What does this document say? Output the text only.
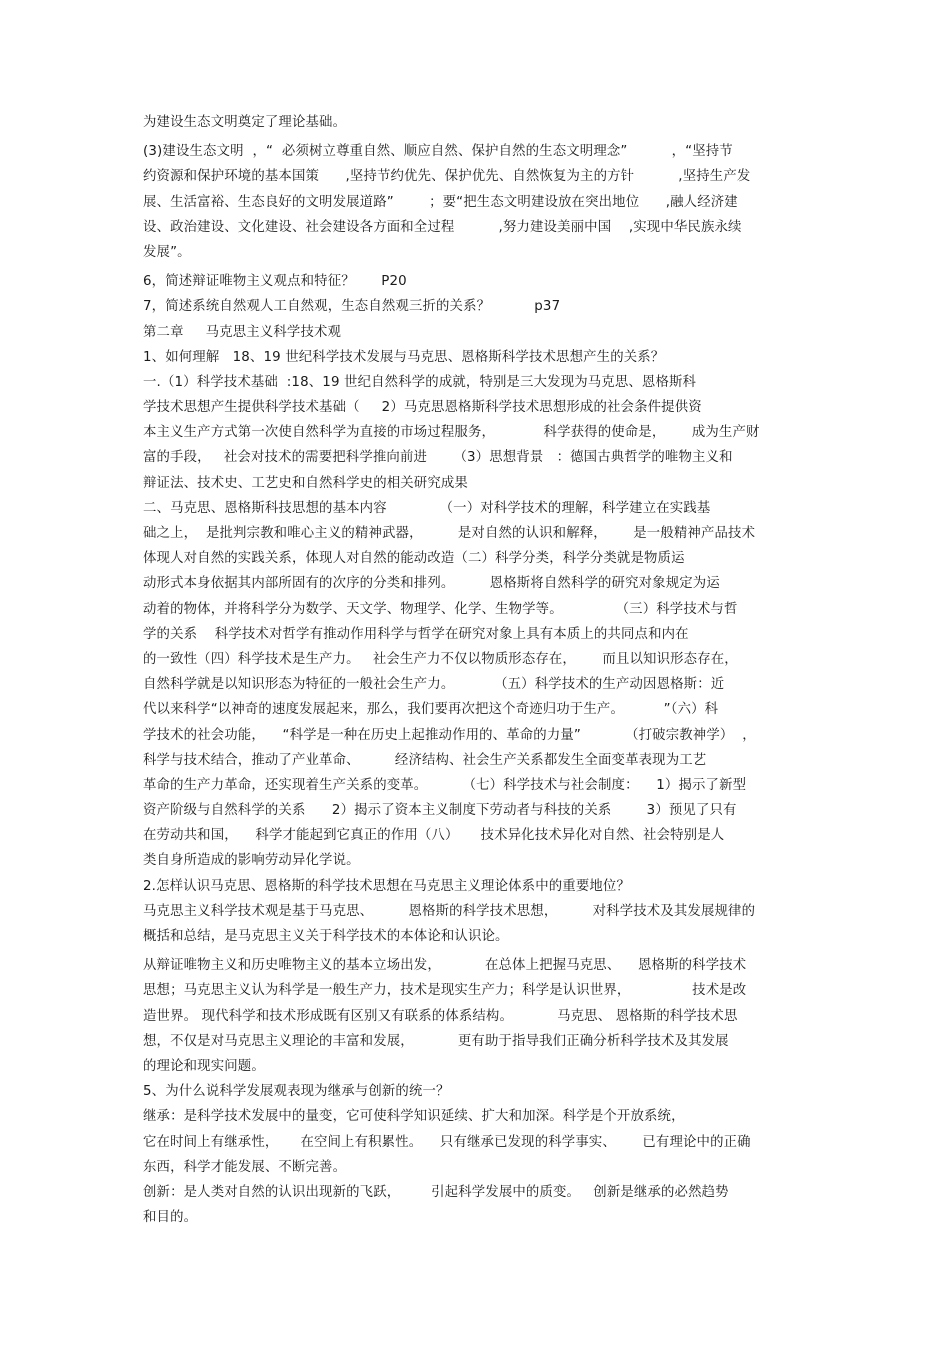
为建设生态文明奠定了理论基础。
(3)建设生态文明  ，“  必须树立尊重自然、顺应自然、保护自然的生态文明理念”          ，“坚持节
约资源和保护环境的基本国策      ,坚持节约优先、保护优先、自然恢复为主的方针          ,坚持生产发
展、生活富裕、生态良好的文明发展道路”        ；要“把生态文明建设放在突出地位      ,融人经济建
设、政治建设、文化建设、社会建设各方面和全过程          ,努力建设美丽中国    ,实现中华民族永续
发展”。
6，简述辩证唯物主义观点和特征？      P20
7，简述系统自然观人工自然观，生态自然观三折的关系？          p37
第二章     马克思主义科学技术观
1、如何理解   18、19 世纪科学技术发展与马克思、恩格斯科学技术思想产生的关系？
一.（1）科学技术基础  :18、19 世纪自然科学的成就，特别是三大发现为马克思、恩格斯科
学技术思想产生提供科学技术基础（     2）马克思恩格斯科学技术思想形成的社会条件提供资
本主义生产方式第一次使自然科学为直接的市场过程服务，           科学获得的使命是，      成为生产财
富的手段，   社会对技术的需要把科学推向前进      （3）思想背景   ：德国古典哲学的唯物主义和
辩证法、技术史、工艺史和自然科学史的相关研究成果
二、马克思、恩格斯科技思想的基本内容            （一）对科学技术的理解，科学建立在实践基
础之上，  是批判宗教和唯心主义的精神武器，        是对自然的认识和解释，      是一般精神产品技术
体现人对自然的实践关系，体现人对自然的能动改造（二）科学分类，科学分类就是物质运
动形式本身依据其内部所固有的次序的分类和排列。        恩格斯将自然科学的研究对象规定为运
动着的物体，并将科学分为数学、天文学、物理学、化学、生物学等。            （三）科学技术与哲
学的关系    科学技术对哲学有推动作用科学与哲学在研究对象上具有本质上的共同点和内在
的一致性（四）科学技术是生产力。   社会生产力不仅以物质形态存在，      而且以知识形态存在，
自然科学就是以知识形态为特征的一般社会生产力。         （五）科学技术的生产动因恩格斯：近
代以来科学“以神奇的速度发展起来，那么，我们要再次把这个奇迹归功于生产。         ”（六）科
学技术的社会功能，    “科学是一种在历史上起推动作用的、革命的力量”          （打破宗教神学）  ，
科学与技术结合，推动了产业革命、        经济结构、社会生产关系都发生全面变革表现为工艺
革命的生产力革命，还实现着生产关系的变革。        （七）科学技术与社会制度：    1）揭示了新型
资产阶级与自然科学的关系      2）揭示了资本主义制度下劳动者与科技的关系        3）预见了只有
在劳动共和国，    科学才能起到它真正的作用（八）     技术异化技术异化对自然、社会特别是人
类自身所造成的影响劳动异化学说。
2.怎样认识马克思、恩格斯的科学技术思想在马克思主义理论体系中的重要地位？
马克思主义科学技术观是基于马克思、        恩格斯的科学技术思想，        对科学技术及其发展规律的
概括和总结，是马克思主义关于科学技术的本体论和认识论。
从辩证唯物主义和历史唯物主义的基本立场出发，          在总体上把握马克思、    恩格斯的科学技术
思想；马克思主义认为科学是一般生产力，技术是现实生产力；科学是认识世界，              技术是改
造世界。 现代科学和技术形成既有区别又有联系的体系结构。          马克思、 恩格斯的科学技术思
想，不仅是对马克思主义理论的丰富和发展，          更有助于指导我们正确分析科学技术及其发展
的理论和现实问题。
5、为什么说科学发展观表现为继承与创新的统一？
继承：是科学技术发展中的量变，它可使科学知识延续、扩大和加深。科学是个开放系统，
它在时间上有继承性，     在空间上有积累性。    只有继承已发现的科学事实、      已有理论中的正确
东西，科学才能发展、不断完善。
创新：是人类对自然的认识出现新的飞跃，       引起科学发展中的质变。   创新是继承的必然趋势
和目的。
